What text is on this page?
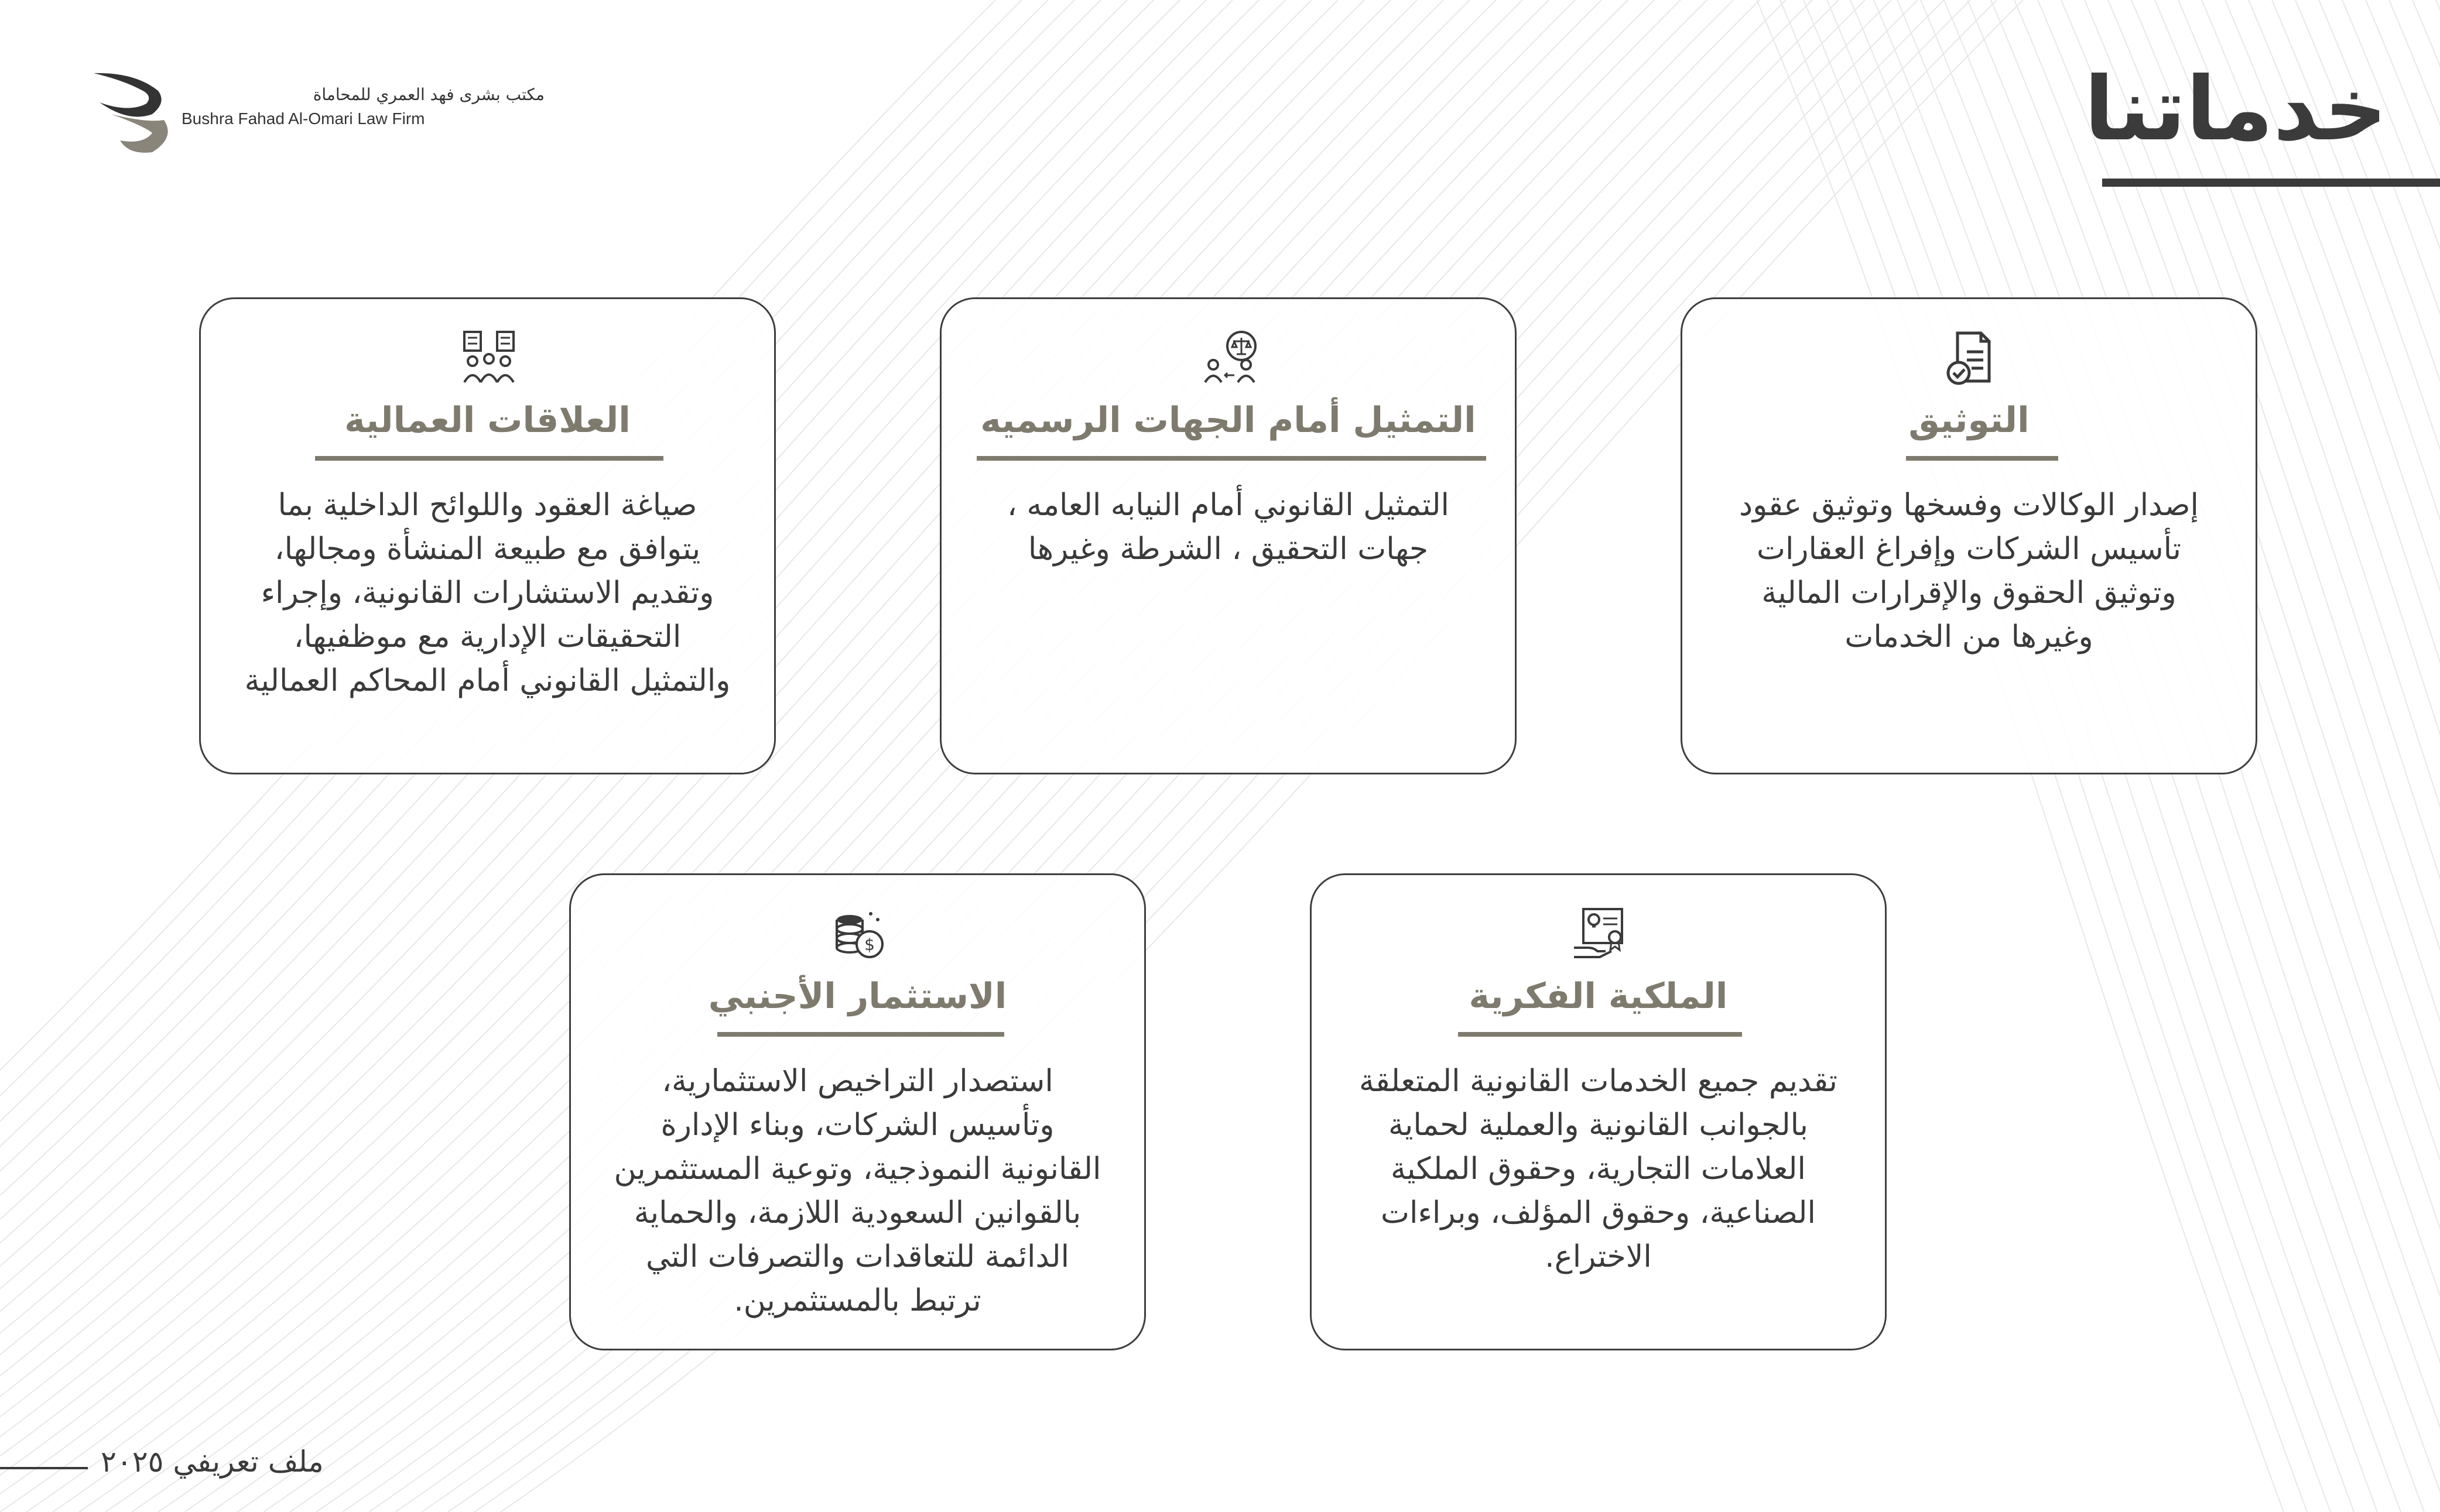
مكتب بشرى فهد العمري للمحاماة
Bushra Fahad Al-Omari Law Firm	خدماتنا
التوثيق

إصدار الوكالات وفسخها وتوثيق عقود تأسيس الشركات وإفراغ العقارات وتوثيق الحقوق والإقرارات المالية وغيرها من الخدمات

التمثيل أمام الجهات الرسميه

التمثيل القانوني أمام النيابه العامه ، جهات التحقيق ، الشرطة وغيرها

العلاقات العمالية

صياغة العقود واللوائح الداخلية بما يتوافق مع طبيعة المنشأة ومجالها، وتقديم الاستشارات القانونية، وإجراء التحقيقات الإدارية مع موظفيها، والتمثيل القانوني أمام المحاكم العمالية

الملكية الفكرية

تقديم جميع الخدمات القانونية المتعلقة بالجوانب القانونية والعملية لحماية العلامات التجارية، وحقوق الملكية الصناعية، وحقوق المؤلف، وبراءات الاختراع.

$
الاستثمار الأجنبي

استصدار التراخيص الاستثمارية، وتأسيس الشركات، وبناء الإدارة القانونية النموذجية، وتوعية المستثمرين بالقوانين السعودية اللازمة، والحماية الدائمة للتعاقدات والتصرفات التي ترتبط بالمستثمرين.

ملف تعريفي ٢٠٢٥
